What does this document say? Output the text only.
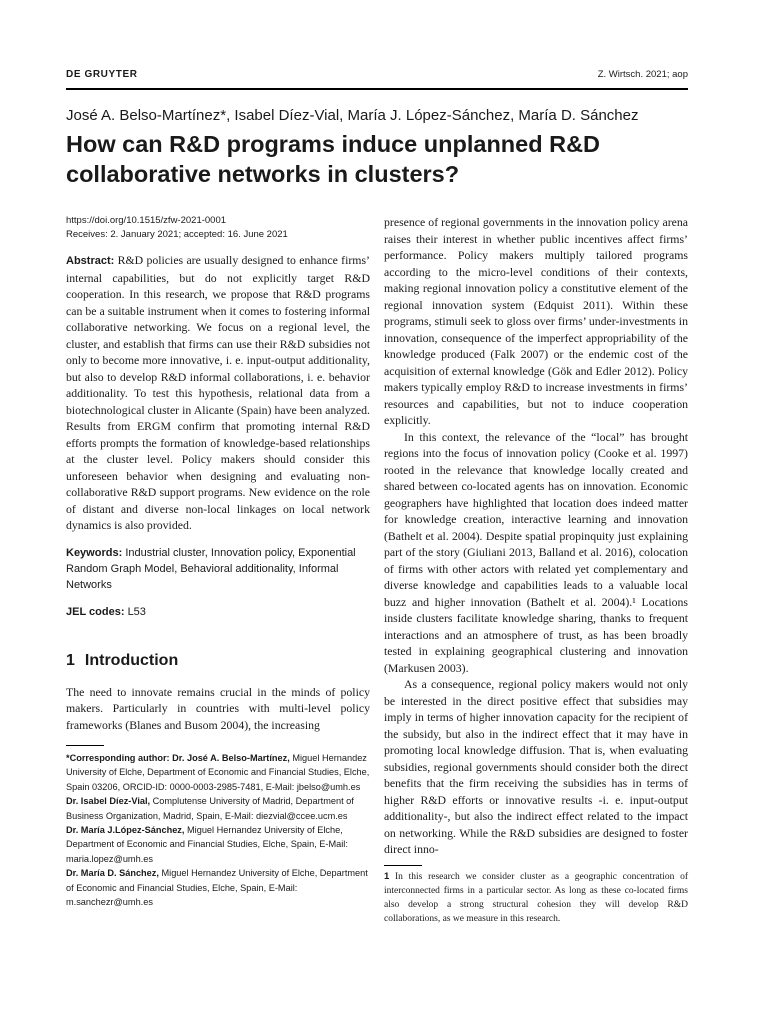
DE GRUYTER	Z. Wirtsch. 2021; aop
José A. Belso-Martínez*, Isabel Díez-Vial, María J. López-Sánchez, María D. Sánchez
How can R&D programs induce unplanned R&D collaborative networks in clusters?
https://doi.org/10.1515/zfw-2021-0001
Receives: 2. January 2021; accepted: 16. June 2021

Abstract: R&D policies are usually designed to enhance firms’ internal capabilities, but do not explicitly target R&D cooperation. In this research, we propose that R&D programs can be a suitable instrument when it comes to fostering informal collaborative networking. We focus on a regional level, the cluster, and establish that firms can use their R&D subsidies not only to become more innovative, i. e. input-output additionality, but also to develop R&D informal collaborations, i. e. behavior additionality. To test this hypothesis, relational data from a biotechnological cluster in Alicante (Spain) have been analyzed. Results from ERGM confirm that promoting internal R&D efforts prompts the formation of knowledge-based relationships at the cluster level. Policy makers should consider this unforeseen behavior when designing and evaluating non-collaborative R&D support programs. New evidence on the role of distant and diverse non-local linkages on local network dynamics is also provided.

Keywords: Industrial cluster, Innovation policy, Exponential Random Graph Model, Behavioral additionality, Informal Networks

JEL codes: L53

1 Introduction

The need to innovate remains crucial in the minds of policy makers. Particularly in countries with multi-level policy frameworks (Blanes and Busom 2004), the increasing

*Corresponding author: Dr. José A. Belso-Martínez, Miguel Hernandez University of Elche, Department of Economic and Financial Studies, Elche, Spain 03206, ORCID-ID: 0000-0003-2985-7481, E-Mail: jbelso@umh.es

Dr. Isabel Díez-Vial, Complutense University of Madrid, Department of Business Organization, Madrid, Spain, E-Mail: diezvial@ccee.ucm.es

Dr. María J.López-Sánchez, Miguel Hernandez University of Elche, Department of Economic and Financial Studies, Elche, Spain, E-Mail: maria.lopez@umh.es

Dr. María D. Sánchez, Miguel Hernandez University of Elche, Department of Economic and Financial Studies, Elche, Spain, E-Mail: m.sanchezr@umh.es

presence of regional governments in the innovation policy arena raises their interest in whether public incentives affect firms’ performance. Policy makers multiply tailored programs according to the micro-level conditions of their contexts, making regional innovation policy a constitutive element of the regional innovation system (Edquist 2011). Within these programs, stimuli seek to gloss over firms’ under-investments in innovation, consequence of the imperfect appropriability of the knowledge produced (Falk 2007) or the endemic cost of the acquisition of external knowledge (Gök and Edler 2012). Policy makers typically employ R&D to increase investments in firms’ resources and capabilities, but not to induce cooperation explicitly.

In this context, the relevance of the “local” has brought regions into the focus of innovation policy (Cooke et al. 1997) rooted in the relevance that knowledge locally created and shared between co-located agents has on innovation. Economic geographers have highlighted that location does indeed matter for knowledge creation, interactive learning and innovation (Bathelt et al. 2004). Despite spatial propinquity just explaining part of the story (Giuliani 2013, Balland et al. 2016), colocation of firms with other actors with related yet complementary and diverse knowledge and capabilities leads to a valuable local buzz and higher innovation (Bathelt et al. 2004).¹ Locations inside clusters facilitate knowledge sharing, thanks to frequent interactions and an atmosphere of trust, as has been broadly tested in explaining geographical clustering and innovation (Markusen 2003).

As a consequence, regional policy makers would not only be interested in the direct positive effect that subsidies may imply in terms of higher innovation capacity for the recipient of the subsidy, but also in the indirect effect that it may have in promoting local knowledge diffusion. That is, when evaluating subsidies, regional governments should consider both the direct benefits that the firm receiving the subsidies has in terms of higher R&D efforts or innovative results -i. e. input-output additionality-, but also the indirect effect related to the impact on networking. While the R&D subsidies are designed to foster direct inno-

1 In this research we consider cluster as a geographic concentration of interconnected firms in a particular sector. As long as these co-located firms also develop a strong structural cohesion they will develop R&D collaborations, as we measure in this research.
